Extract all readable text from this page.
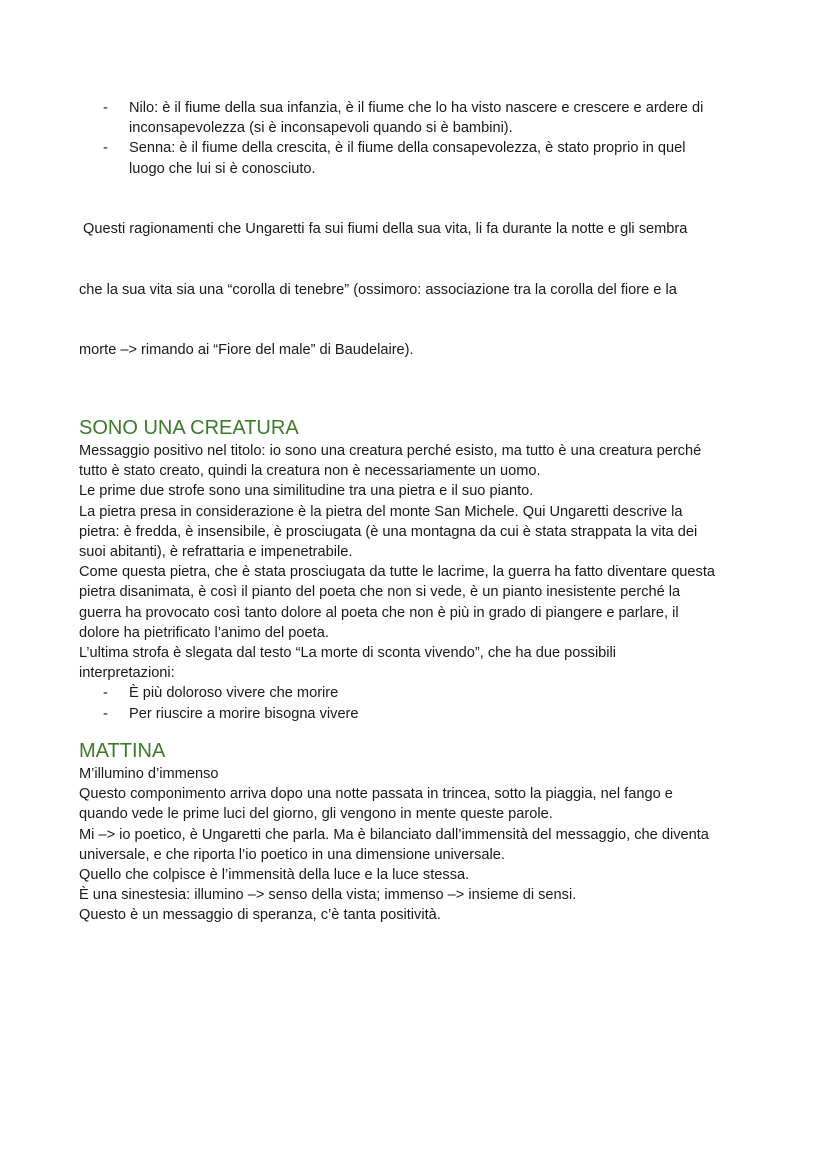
- Nilo: è il fiume della sua infanzia, è il fiume che lo ha visto nascere e crescere e ardere di
inconsapevolezza (si è inconsapevoli quando si è bambini).
- Senna: è il fiume della crescita, è il fiume della consapevolezza, è stato proprio in quel
luogo che lui si è conosciuto.

Questi ragionamenti che Ungaretti fa sui fiumi della sua vita, li fa durante la notte e gli sembra

che la sua vita sia una “corolla di tenebre” (ossimoro: associazione tra la corolla del fiore e la

morte –> rimando ai “Fiore del male” di Baudelaire).

SONO UNA CREATURA
Messaggio positivo nel titolo: io sono una creatura perché esisto, ma tutto è una creatura perché
tutto è stato creato, quindi la creatura non è necessariamente un uomo.
Le prime due strofe sono una similitudine tra una pietra e il suo pianto.
La pietra presa in considerazione è la pietra del monte San Michele. Qui Ungaretti descrive la
pietra: è fredda, è insensibile, è prosciugata (è una montagna da cui è stata strappata la vita dei
suoi abitanti), è refrattaria e impenetrabile.
Come questa pietra, che è stata prosciugata da tutte le lacrime, la guerra ha fatto diventare questa
pietra disanimata, è così il pianto del poeta che non si vede, è un pianto inesistente perché la
guerra ha provocato così tanto dolore al poeta che non è più in grado di piangere e parlare, il
dolore ha pietrificato l’animo del poeta.
L’ultima strofa è slegata dal testo “La morte di sconta vivendo”, che ha due possibili
interpretazioni:
- È più doloroso vivere che morire
- Per riuscire a morire bisogna vivere
MATTINA
M’illumino d’immenso
Questo componimento arriva dopo una notte passata in trincea, sotto la piaggia, nel fango e
quando vede le prime luci del giorno, gli vengono in mente queste parole.
Mi –> io poetico, è Ungaretti che parla. Ma è bilanciato dall’immensità del messaggio, che diventa
universale, e che riporta l’io poetico in una dimensione universale.
Quello che colpisce è l’immensità della luce e la luce stessa.
È una sinestesia: illumino –> senso della vista; immenso –> insieme di sensi.
Questo è un messaggio di speranza, c’è tanta positività.
